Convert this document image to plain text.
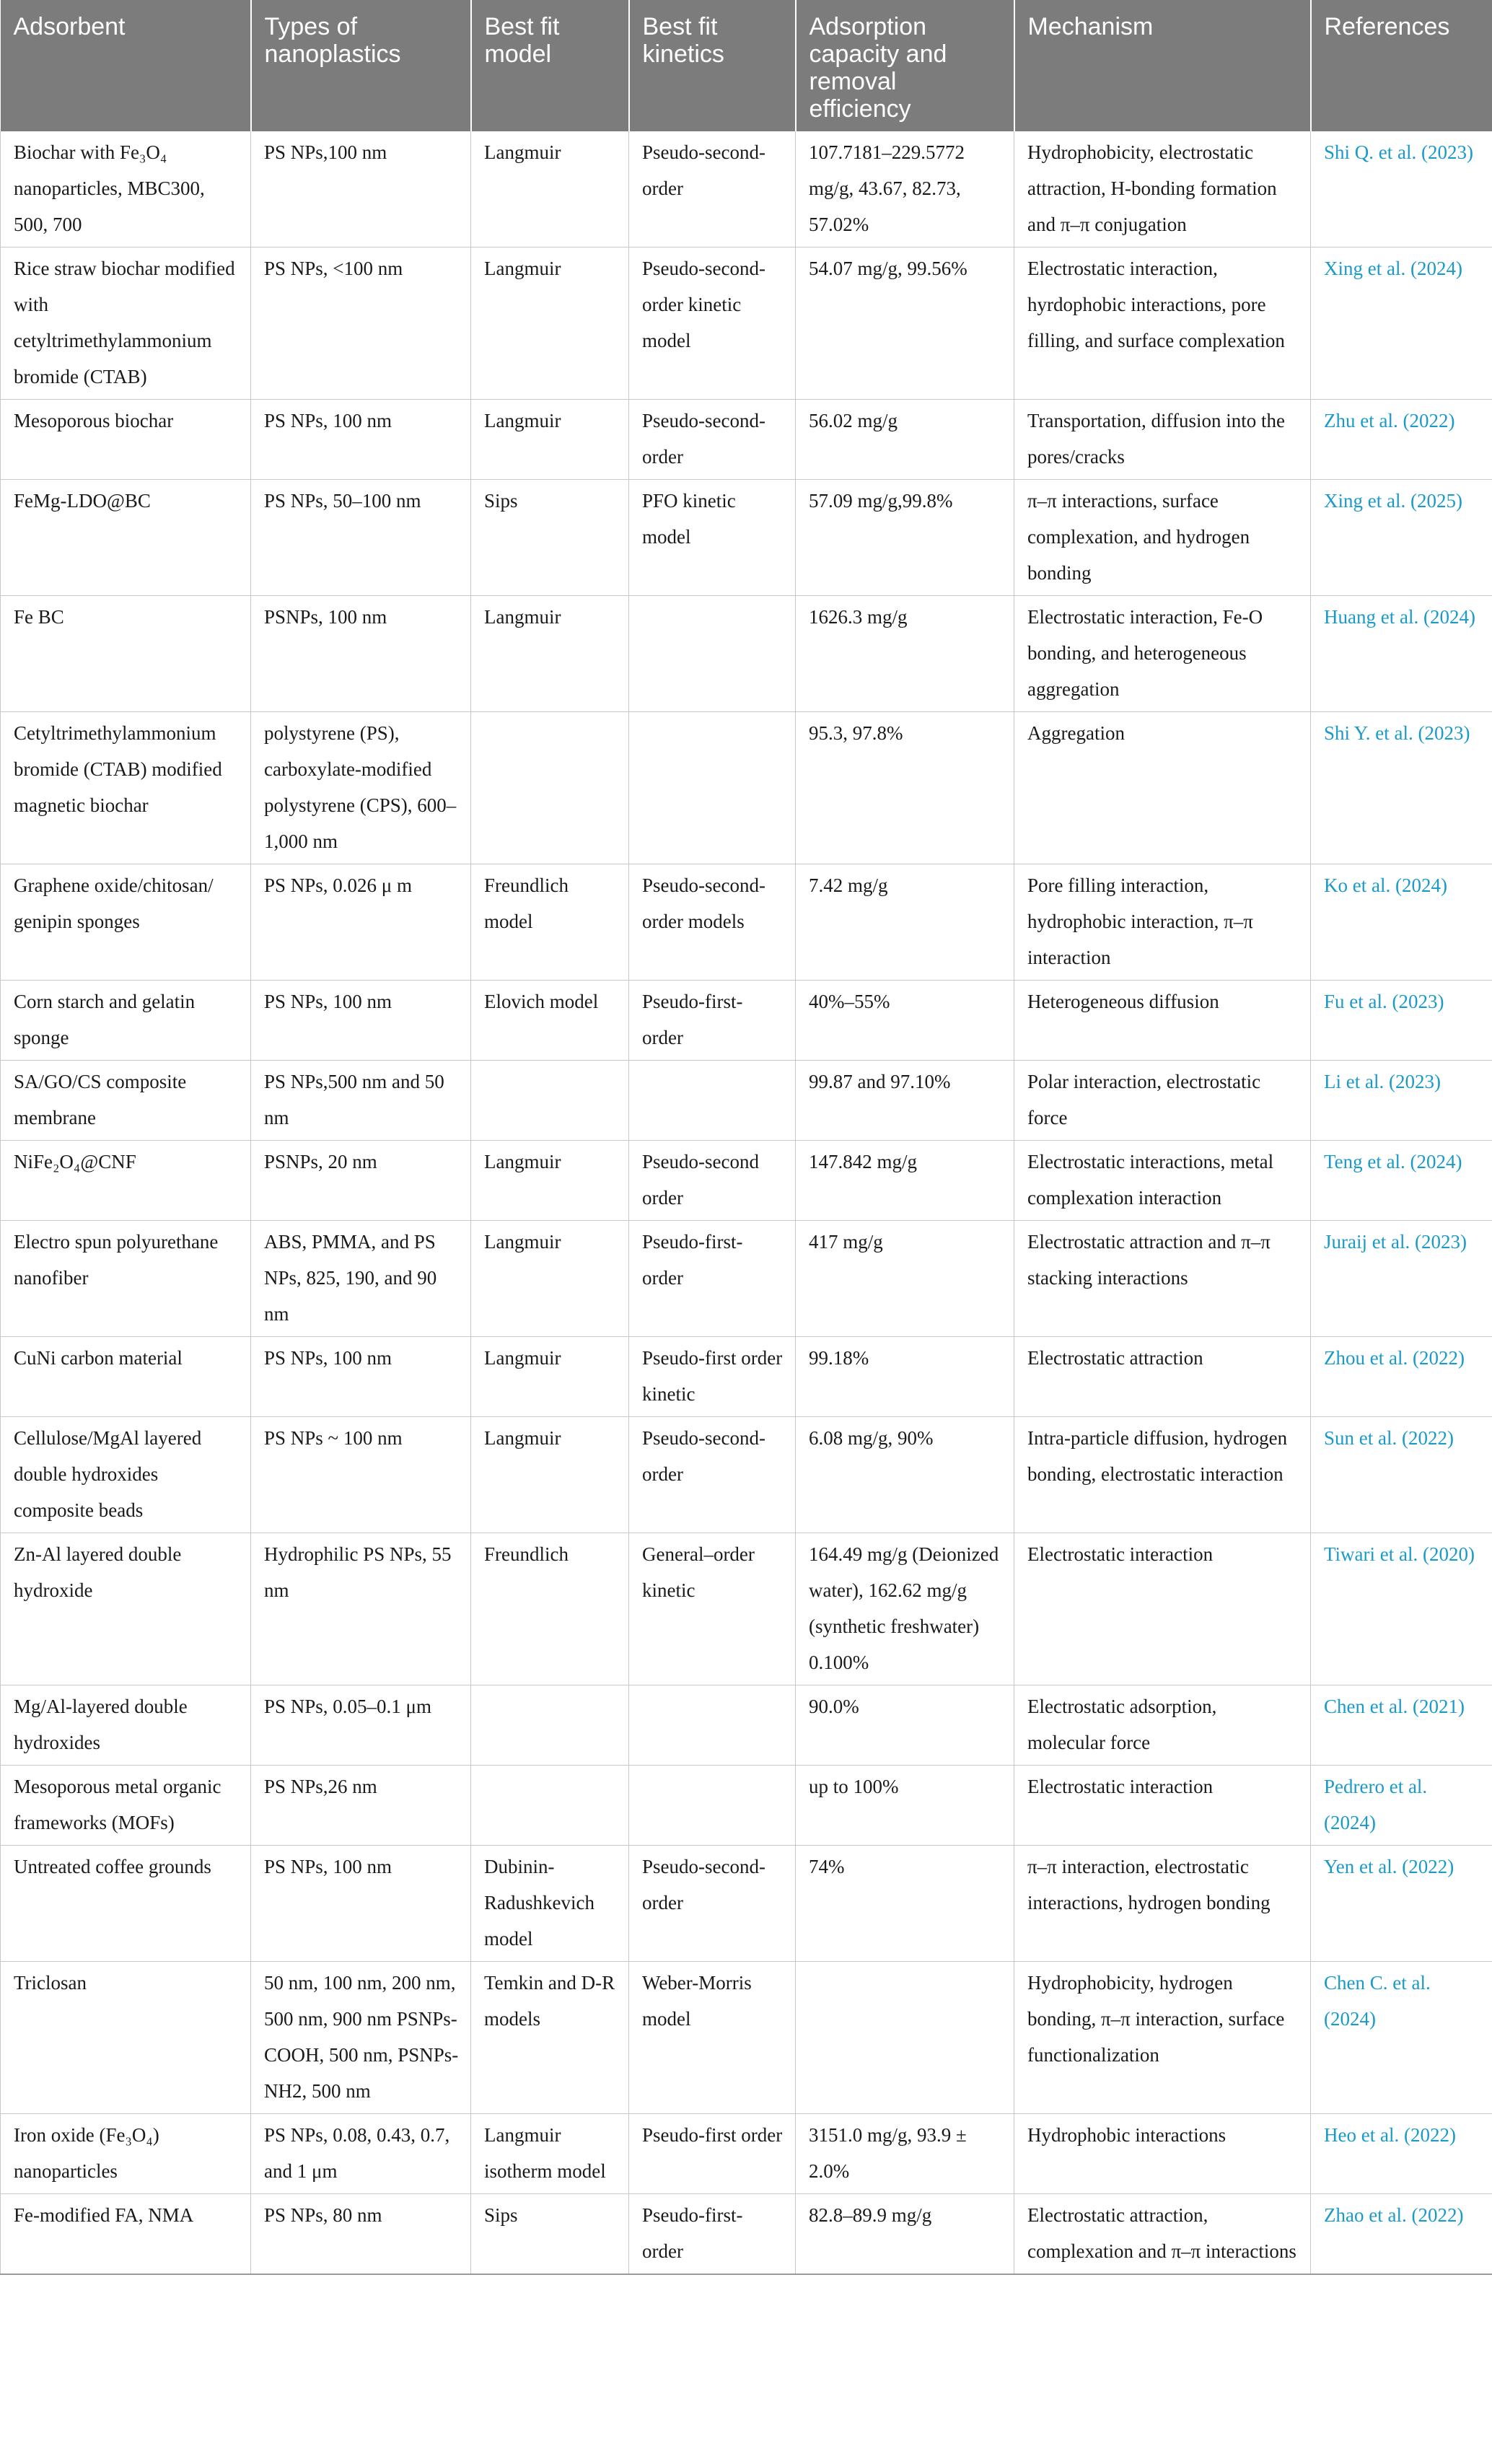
Adsorbent	Types of nanoplastics	Best fit model	Best fit kinetics	Adsorption capacity and removal efficiency	Mechanism	References
Biochar with Fe₃O₄ nanoparticles, MBC300, 500, 700	PS NPs,100 nm	Langmuir	Pseudo-second-order	107.7181–229.5772 mg/g, 43.67, 82.73, 57.02%	Hydrophobicity, electrostatic attraction, H-bonding formation and π–π conjugation	Shi Q. et al. (2023)
Rice straw biochar modified with cetyltrimethylammonium bromide (CTAB)	PS NPs, <100 nm	Langmuir	Pseudo-second-order kinetic model	54.07 mg/g, 99.56%	Electrostatic interaction, hyrdophobic interactions, pore filling, and surface complexation	Xing et al. (2024)
Mesoporous biochar	PS NPs, 100 nm	Langmuir	Pseudo-second-order	56.02 mg/g	Transportation, diffusion into the pores/cracks	Zhu et al. (2022)
FeMg-LDO@BC	PS NPs, 50–100 nm	Sips	PFO kinetic model	57.09 mg/g,99.8%	π–π interactions, surface complexation, and hydrogen bonding	Xing et al. (2025)
Fe BC	PSNPs, 100 nm	Langmuir		1626.3 mg/g	Electrostatic interaction, Fe-O bonding, and heterogeneous aggregation	Huang et al. (2024)
Cetyltrimethylammonium bromide (CTAB) modified magnetic biochar	polystyrene (PS), carboxylate-modified polystyrene (CPS), 600–1,000 nm			95.3, 97.8%	Aggregation	Shi Y. et al. (2023)
Graphene oxide/chitosan/ genipin sponges	PS NPs, 0.026 μ m	Freundlich model	Pseudo-second-order models	7.42 mg/g	Pore filling interaction, hydrophobic interaction, π–π interaction	Ko et al. (2024)
Corn starch and gelatin sponge	PS NPs, 100 nm	Elovich model	Pseudo-first-order	40%–55%	Heterogeneous diffusion	Fu et al. (2023)
SA/GO/CS composite membrane	PS NPs,500 nm and 50 nm			99.87 and 97.10%	Polar interaction, electrostatic force	Li et al. (2023)
NiFe₂O₄@CNF	PSNPs, 20 nm	Langmuir	Pseudo-second order	147.842 mg/g	Electrostatic interactions, metal complexation interaction	Teng et al. (2024)
Electro spun polyurethane nanofiber	ABS, PMMA, and PS NPs, 825, 190, and 90 nm	Langmuir	Pseudo-first-order	417 mg/g	Electrostatic attraction and π–π stacking interactions	Juraij et al. (2023)
CuNi carbon material	PS NPs, 100 nm	Langmuir	Pseudo-first order kinetic	99.18%	Electrostatic attraction	Zhou et al. (2022)
Cellulose/MgAl layered double hydroxides composite beads	PS NPs ~ 100 nm	Langmuir	Pseudo-second-order	6.08 mg/g, 90%	Intra-particle diffusion, hydrogen bonding, electrostatic interaction	Sun et al. (2022)
Zn-Al layered double hydroxide	Hydrophilic PS NPs, 55 nm	Freundlich	General–order kinetic	164.49 mg/g (Deionized water), 162.62 mg/g (synthetic freshwater) 0.100%	Electrostatic interaction	Tiwari et al. (2020)
Mg/Al-layered double hydroxides	PS NPs, 0.05–0.1 μm			90.0%	Electrostatic adsorption, molecular force	Chen et al. (2021)
Mesoporous metal organic frameworks (MOFs)	PS NPs,26 nm			up to 100%	Electrostatic interaction	Pedrero et al. (2024)
Untreated coffee grounds	PS NPs, 100 nm	Dubinin-Radushkevich model	Pseudo-second-order	74%	π–π interaction, electrostatic interactions, hydrogen bonding	Yen et al. (2022)
Triclosan	50 nm, 100 nm, 200 nm, 500 nm, 900 nm PSNPs-COOH, 500 nm, PSNPs-NH2, 500 nm	Temkin and D-R models	Weber-Morris model		Hydrophobicity, hydrogen bonding, π–π interaction, surface functionalization	Chen C. et al. (2024)
Iron oxide (Fe₃O₄) nanoparticles	PS NPs, 0.08, 0.43, 0.7, and 1 μm	Langmuir isotherm model	Pseudo-first order	3151.0 mg/g, 93.9 ± 2.0%	Hydrophobic interactions	Heo et al. (2022)
Fe-modified FA, NMA	PS NPs, 80 nm	Sips	Pseudo-first-order	82.8–89.9 mg/g	Electrostatic attraction, complexation and π–π interactions	Zhao et al. (2022)
